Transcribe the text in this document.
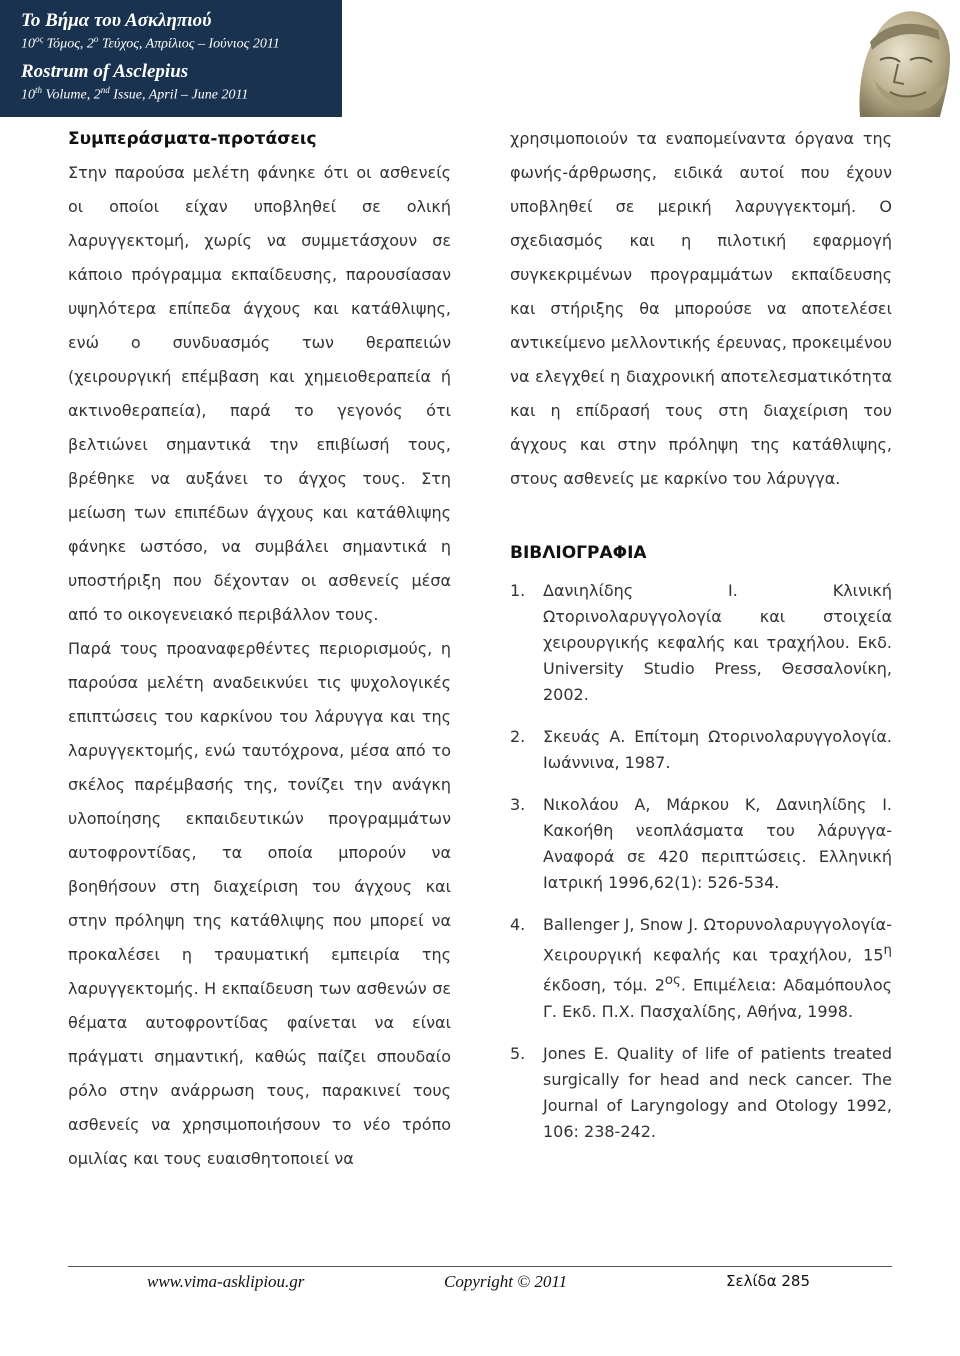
Το Βήμα του Ασκληπιού
$10^{o\varsigma}$ Τόμος, $2^o$ Τεύχος, Απρίλιος – Ιούνιος 2011
Rostrum of Asclepius
10th Volume, 2nd Issue, April – June 2011

Συμπεράσματα-προτάσεις

Στην παρούσα μελέτη φάνηκε ότι οι ασθενείς οι οποίοι είχαν υποβληθεί σε ολική λαρυγγεκτομή, χωρίς να συμμετάσχουν σε κάποιο πρόγραμμα εκπαίδευσης, παρουσίασαν υψηλότερα επίπεδα άγχους και κατάθλιψης, ενώ ο συνδυασμός των θεραπειών (χειρουργική επέμβαση και χημειοθεραπεία ή ακτινοθεραπεία), παρά το γεγονός ότι βελτιώνει σημαντικά την επιβίωσή τους, βρέθηκε να αυξάνει το άγχος τους. Στη μείωση των επιπέδων άγχους και κατάθλιψης φάνηκε ωστόσο, να συμβάλει σημαντικά η υποστήριξη που δέχονταν οι ασθενείς μέσα από το οικογενειακό περιβάλλον τους.

Παρά τους προαναφερθέντες περιορισμούς, η παρούσα μελέτη αναδεικνύει τις ψυχολογικές επιπτώσεις του καρκίνου του λάρυγγα και της λαρυγγεκτομής, ενώ ταυτόχρονα, μέσα από το σκέλος παρέμβασής της, τονίζει την ανάγκη υλοποίησης εκπαιδευτικών προγραμμάτων αυτοφροντίδας, τα οποία μπορούν να βοηθήσουν στη διαχείριση του άγχους και στην πρόληψη της κατάθλιψης που μπορεί να προκαλέσει η τραυματική εμπειρία της λαρυγγεκτομής. Η εκπαίδευση των ασθενών σε θέματα αυτοφροντίδας φαίνεται να είναι πράγματι σημαντική, καθώς παίζει σπουδαίο ρόλο στην ανάρρωση τους, παρακινεί τους ασθενείς να χρησιμοποιήσουν το νέο τρόπο ομιλίας και τους ευαισθητοποιεί να

χρησιμοποιούν τα εναπομείναντα όργανα της φωνής-άρθρωσης, ειδικά αυτοί που έχουν υποβληθεί σε μερική λαρυγγεκτομή. Ο σχεδιασμός και η πιλοτική εφαρμογή συγκεκριμένων προγραμμάτων εκπαίδευσης και στήριξης θα μπορούσε να αποτελέσει αντικείμενο μελλοντικής έρευνας, προκειμένου να ελεγχθεί η διαχρονική αποτελεσματικότητα και η επίδρασή τους στη διαχείριση του άγχους και στην πρόληψη της κατάθλιψης, στους ασθενείς με καρκίνο του λάρυγγα.

ΒΙΒΛΙΟΓΡΑΦΙΑ
1.	Δανιηλίδης Ι. Κλινική Ωτορινολαρυγγολογία και στοιχεία χειρουργικής κεφαλής και τραχήλου. Εκδ. University Studio Press, Θεσσαλονίκη, 2002.
2.	Σκευάς Α. Επίτομη Ωτορινολαρυγγολογία. Ιωάννινα, 1987.
3.	Νικολάου Α, Μάρκου Κ, Δανιηλίδης Ι. Κακοήθη νεοπλάσματα του λάρυγγα-Αναφορά σε 420 περιπτώσεις. Ελληνική Ιατρική 1996,62(1): 526-534.
4.	Ballenger J, Snow J. Ωτορυνολαρυγγολογία-Χειρουργική κεφαλής και τραχήλου, $15^\eta$ έκδοση, τόμ. $2^{o\varsigma}$. Επιμέλεια: Αδαμόπουλος Γ. Εκδ. Π.Χ. Πασχαλίδης, Αθήνα, 1998.
5.	Jones E. Quality of life of patients treated surgically for head and neck cancer. The Journal of Laryngology and Otology 1992, 106: 238-242.
www.vima-asklipiou.gr	Copyright © 2011	Σελίδα 285
